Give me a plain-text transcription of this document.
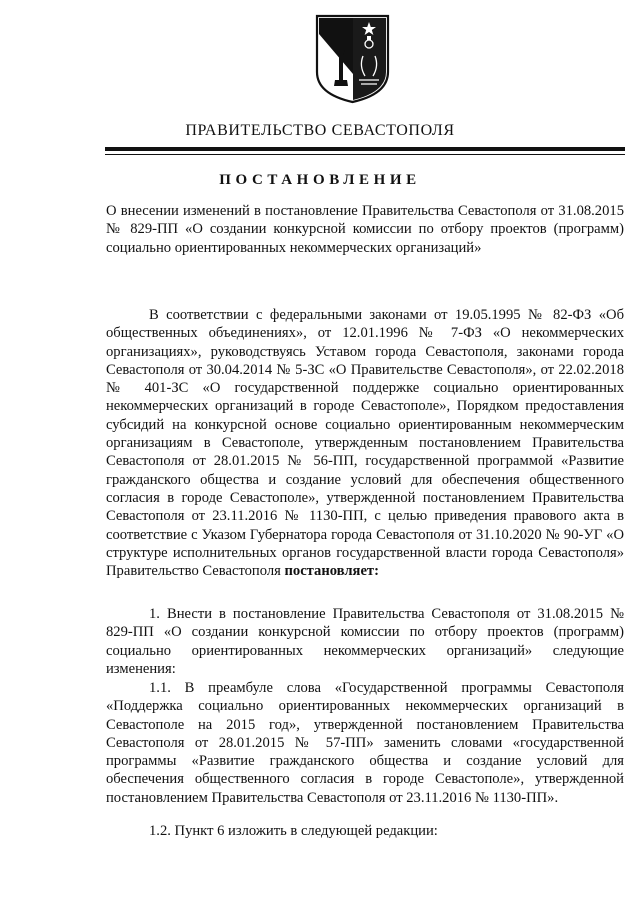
ПРАВИТЕЛЬСТВО СЕВАСТОПОЛЯ
ПОСТАНОВЛЕНИЕ
О внесении изменений в постановление Правительства Севастополя от 31.08.2015 № 829-ПП «О создании конкурсной комиссии по отбору проектов (программ) социально ориентированных некоммерческих организаций»
В соответствии с федеральными законами от 19.05.1995 № 82-ФЗ «Об общественных объединениях», от 12.01.1996 № 7-ФЗ «О некоммерческих организациях», руководствуясь Уставом города Севастополя, законами города Севастополя от 30.04.2014 № 5-ЗС «О Правительстве Севастополя», от 22.02.2018 № 401-ЗС «О государственной поддержке социально ориентированных некоммерческих организаций в городе Севастополе», Порядком предоставления субсидий на конкурсной основе социально ориентированным некоммерческим организациям в Севастополе, утвержденным постановлением Правительства Севастополя от 28.01.2015 № 56-ПП, государственной программой «Развитие гражданского общества и создание условий для обеспечения общественного согласия в городе Севастополе», утвержденной постановлением Правительства Севастополя от 23.11.2016 № 1130-ПП, с целью приведения правового акта в соответствие с Указом Губернатора города Севастополя от 31.10.2020 № 90-УГ «О структуре исполнительных органов государственной власти города Севастополя» Правительство Севастополя постановляет:
1. Внести в постановление Правительства Севастополя от 31.08.2015 № 829-ПП «О создании конкурсной комиссии по отбору проектов (программ) социально ориентированных некоммерческих организаций» следующие изменения:
1.1. В преамбуле слова «Государственной программы Севастополя «Поддержка социально ориентированных некоммерческих организаций в Севастополе на 2015 год», утвержденной постановлением Правительства Севастополя от 28.01.2015 № 57-ПП» заменить словами «государственной программы «Развитие гражданского общества и создание условий для обеспечения общественного согласия в городе Севастополе», утвержденной постановлением Правительства Севастополя от 23.11.2016 № 1130-ПП».
1.2. Пункт 6 изложить в следующей редакции:
